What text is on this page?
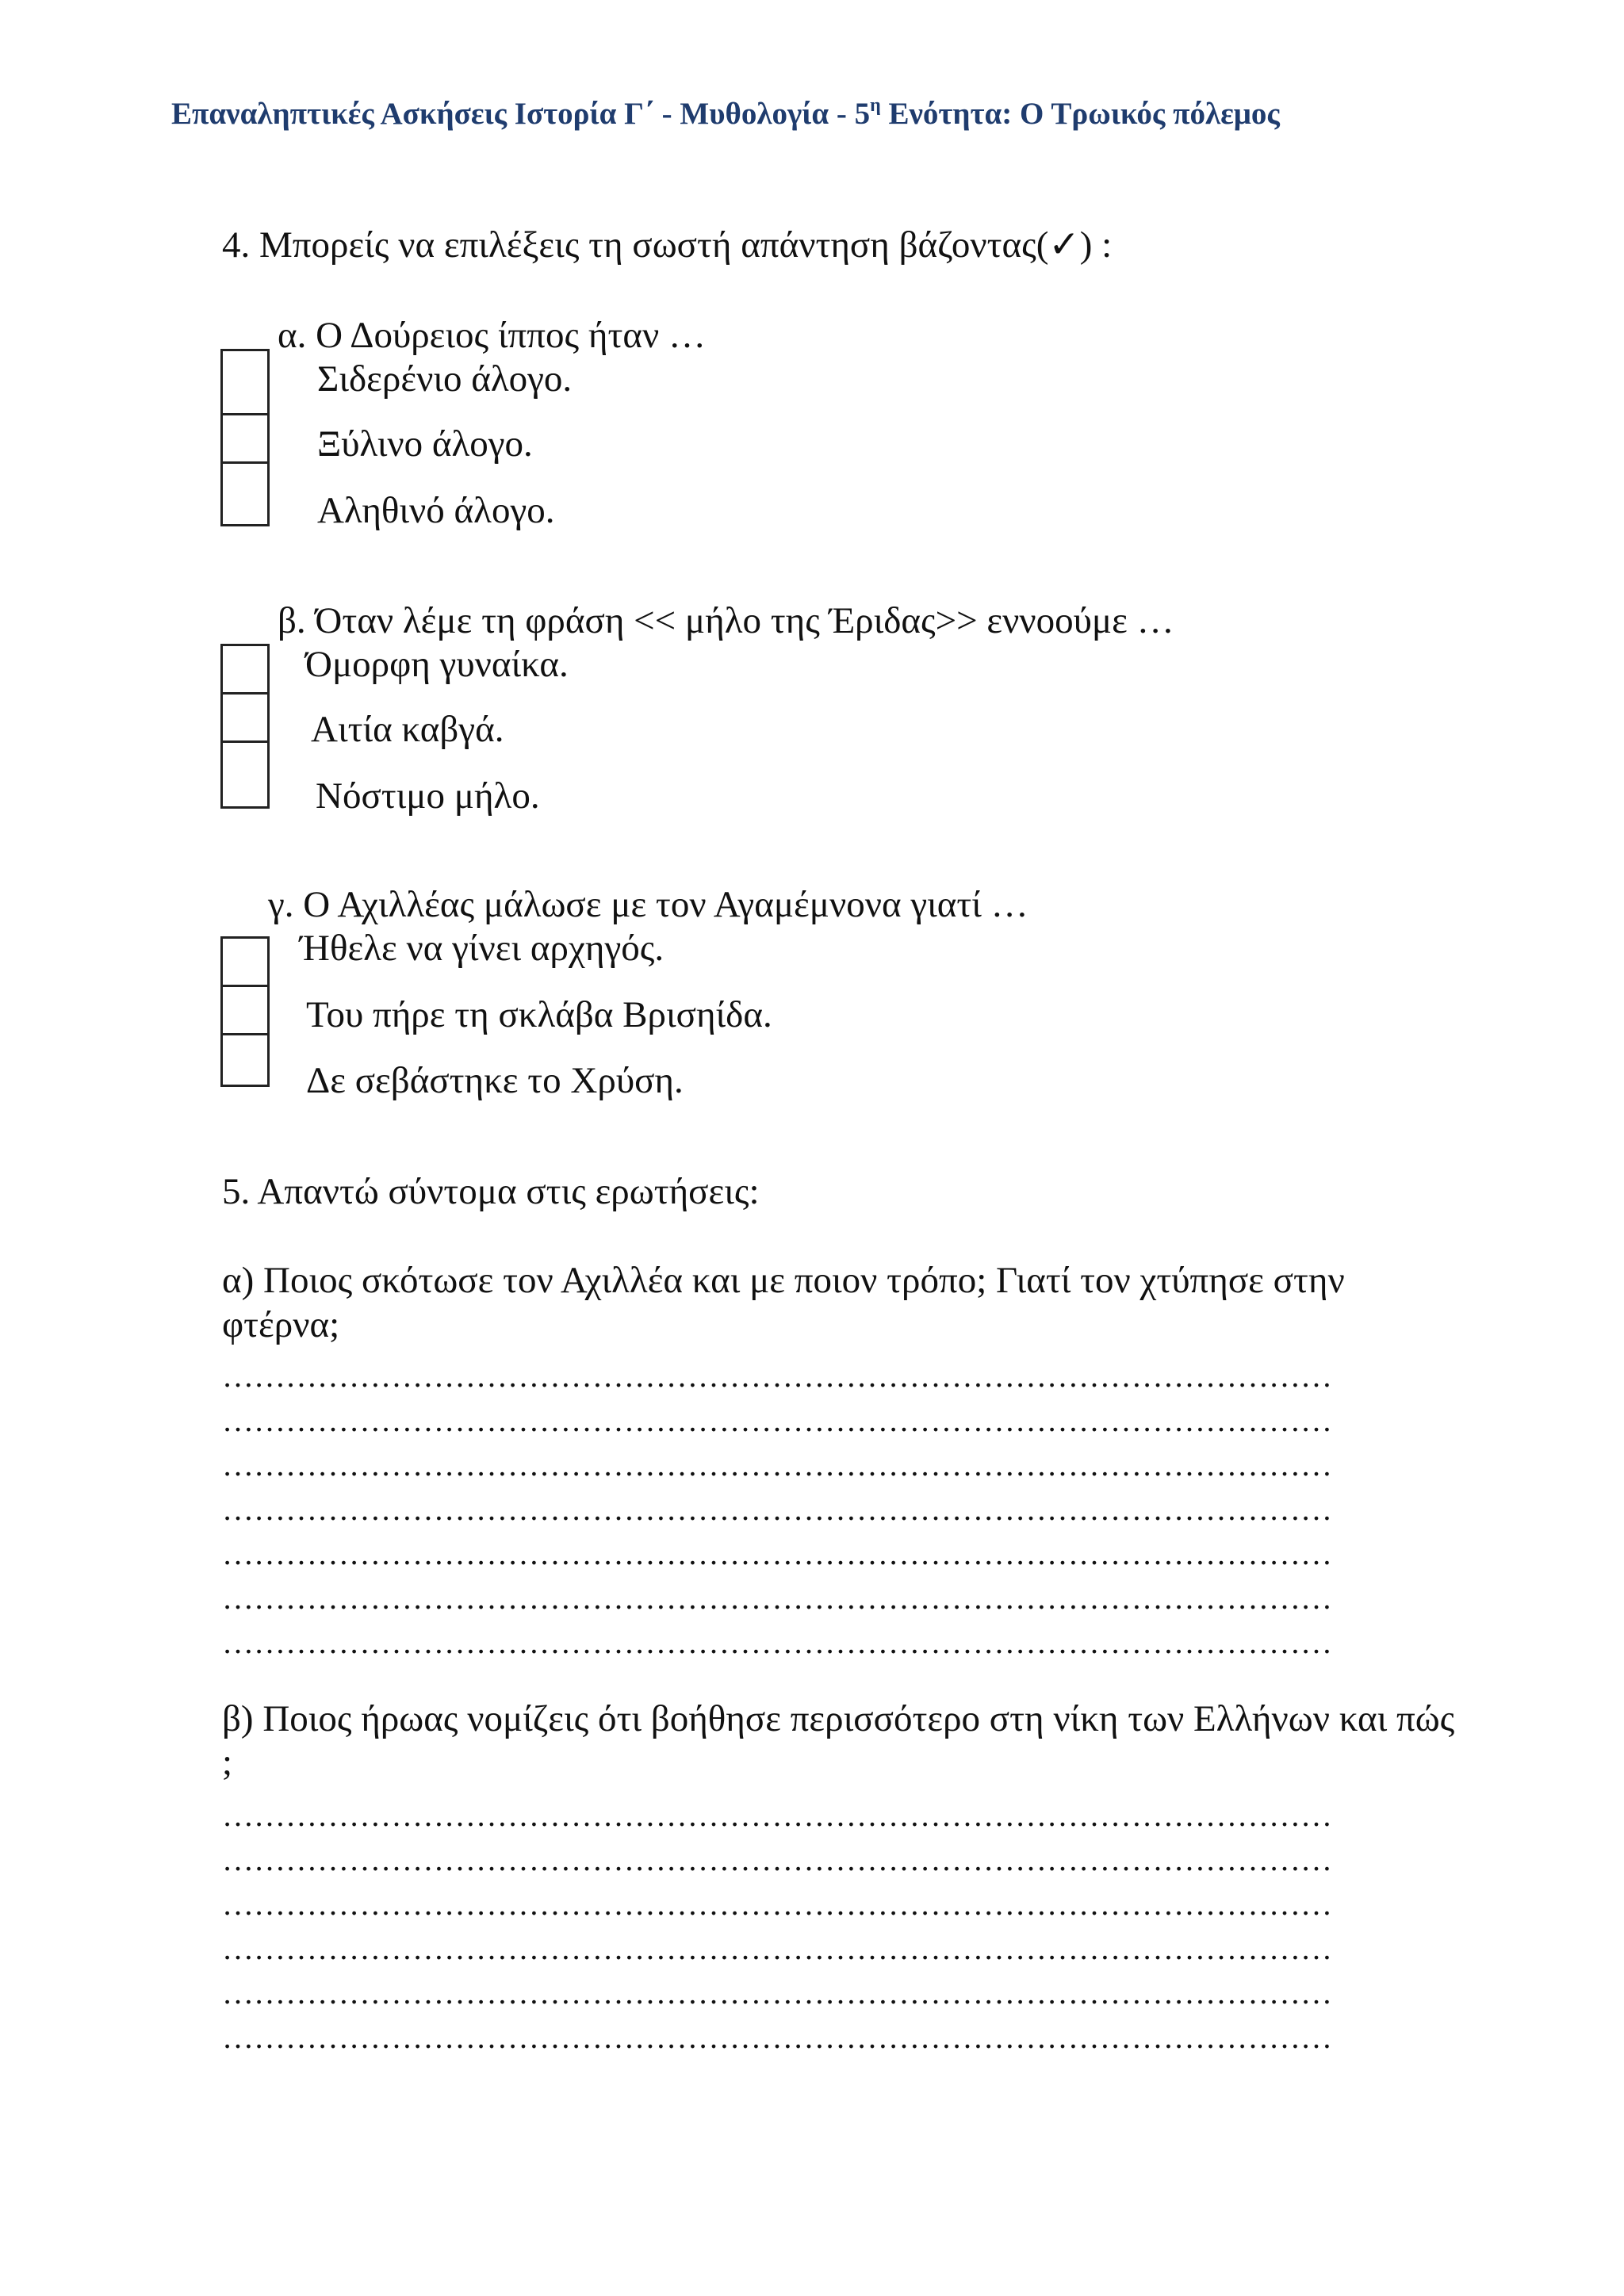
Επαναληπτικές Ασκήσεις Ιστορία Γ΄ - Μυθολογία - $5^\eta$ Ενότητα: Ο Τρωικός πόλεμος
4. Μπορείς να επιλέξεις τη σωστή απάντηση βάζοντας(✓) :
α. Ο Δούρειος ίππος ήταν …
Σιδερένιο άλογο.
Ξύλινο άλογο.
Αληθινό άλογο.
β. Όταν λέμε τη φράση << μήλο της Έριδας>> εννοούμε …
Όμορφη γυναίκα.
Αιτία καβγά.
Νόστιμο μήλο.
γ. Ο Αχιλλέας μάλωσε με τον Αγαμέμνονα γιατί …
Ήθελε να γίνει αρχηγός.
Του πήρε τη σκλάβα Βρισηίδα.
Δε σεβάστηκε το Χρύση.
5. Απαντώ σύντομα στις ερωτήσεις:
α) Ποιος σκότωσε τον Αχιλλέα και με ποιον τρόπο; Γιατί τον χτύπησε στην
φτέρνα;
……………………………………………………………………………………………
……………………………………………………………………………………………
……………………………………………………………………………………………
……………………………………………………………………………………………
……………………………………………………………………………………………
……………………………………………………………………………………………
……………………………………………………………………………………………
β) Ποιος ήρωας νομίζεις ότι βοήθησε περισσότερο στη νίκη των Ελλήνων και πώς
;
……………………………………………………………………………………………
……………………………………………………………………………………………
……………………………………………………………………………………………
……………………………………………………………………………………………
……………………………………………………………………………………………
……………………………………………………………………………………………
